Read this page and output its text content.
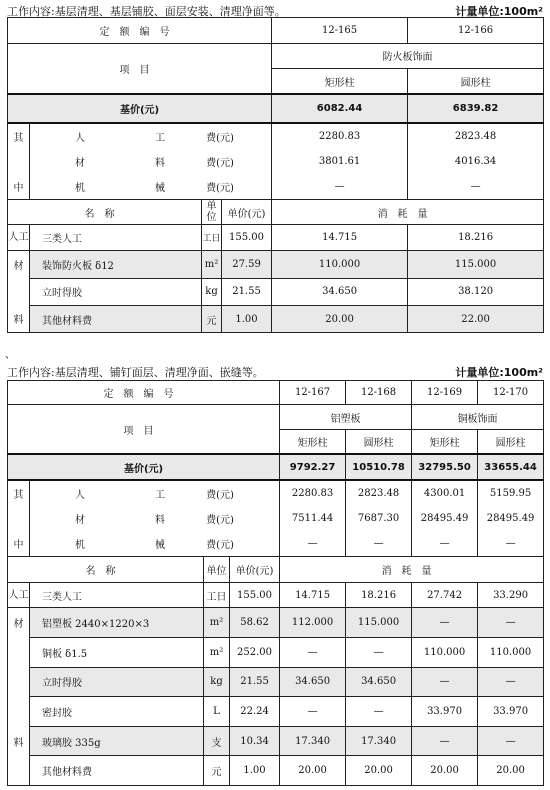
工作内容:基层清理、基层铺胶、面层安装、清理净面等。	计量单位:100m²
定额编号				12-165	12-166
项目				防火板饰面	
				矩形柱	圆形柱
基价(元)				6082.44	6839.82
其	人 工 费(元)			2280.83	2823.48
	材 料 费(元)			3801.61	4016.34
中	机 械 费(元)			—	—
名称		单位	单价(元)	消耗量	
人工	三类人工	工日	155.00	14.715	18.216
材	装饰防火板 δ12	m²	27.59	110.000	115.000
	立时得胶	kg	21.55	34.650	38.120
料	其他材料费	元	1.00	20.00	22.00
、
工作内容:基层清理、铺钉面层、清理净面、嵌缝等。	计量单位:100m²
定额编号				12-167	12-168	12-169	12-170
项目				铝塑板		铜板饰面	
				矩形柱	圆形柱	矩形柱	圆形柱
基价(元)				9792.27	10510.78	32795.50	33655.44
其	人 工 费(元)			2280.83	2823.48	4300.01	5159.95
	材 料 费(元)			7511.44	7687.30	28495.49	28495.49
中	机 械 费(元)			—	—	—	—
名称		单位	单价(元)	消耗量			
人工	三类人工	工日	155.00	14.715	18.216	27.742	33.290
材	铝塑板 2440×1220×3	m²	58.62	112.000	115.000	—	—
	铜板 δ1.5	m²	252.00	—	—	110.000	110.000
	立时得胶	kg	21.55	34.650	34.650	—	—
	密封胶	L	22.24	—	—	33.970	33.970
料	玻璃胶 335g	支	10.34	17.340	17.340	—	—
	其他材料费	元	1.00	20.00	20.00	20.00	20.00
